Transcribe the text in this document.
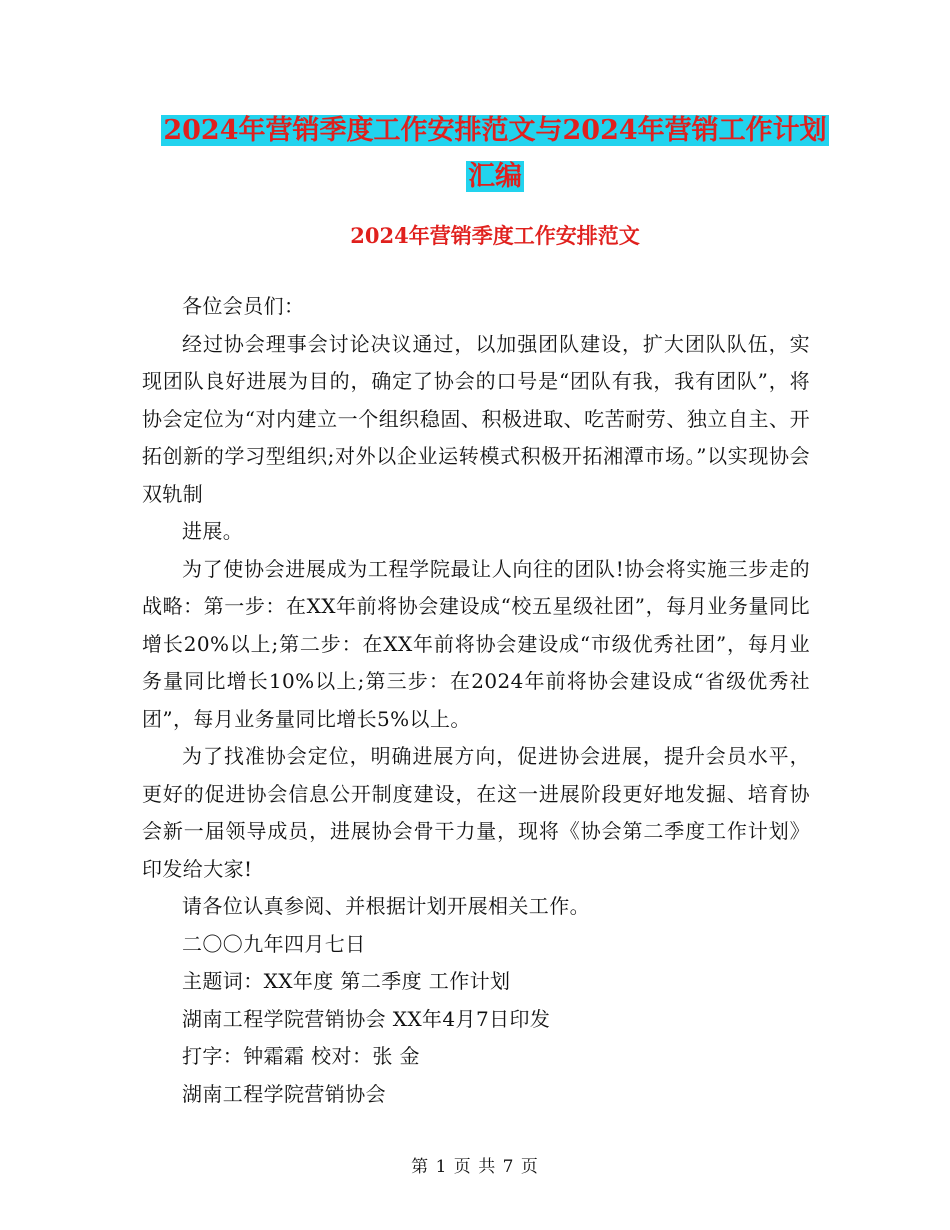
2024年营销季度工作安排范文与2024年营销工作计划
汇编
2024年营销季度工作安排范文

各位会员们：

经过协会理事会讨论决议通过，以加强团队建设，扩大团队队伍，实现团队良好进展为目的，确定了协会的口号是“团队有我，我有团队”，将协会定位为“对内建立一个组织稳固、积极进取、吃苦耐劳、独立自主、开拓创新的学习型组织;对外以企业运转模式积极开拓湘潭市场。”以实现协会双轨制

进展。

为了使协会进展成为工程学院最让人向往的团队!协会将实施三步走的战略：第一步：在XX年前将协会建设成“校五星级社团”，每月业务量同比增长20%以上;第二步：在XX年前将协会建设成“市级优秀社团”，每月业务量同比增长10%以上;第三步：在2024年前将协会建设成“省级优秀社团”，每月业务量同比增长5%以上。

为了找准协会定位，明确进展方向，促进协会进展，提升会员水平，更好的促进协会信息公开制度建设，在这一进展阶段更好地发掘、培育协会新一届领导成员，进展协会骨干力量，现将《协会第二季度工作计划》印发给大家!

请各位认真参阅、并根据计划开展相关工作。

二〇〇九年四月七日

主题词：XX年度 第二季度 工作计划

湖南工程学院营销协会 XX年4月7日印发

打字：钟霜霜 校对：张 金

湖南工程学院营销协会

第 1 页 共 7 页
